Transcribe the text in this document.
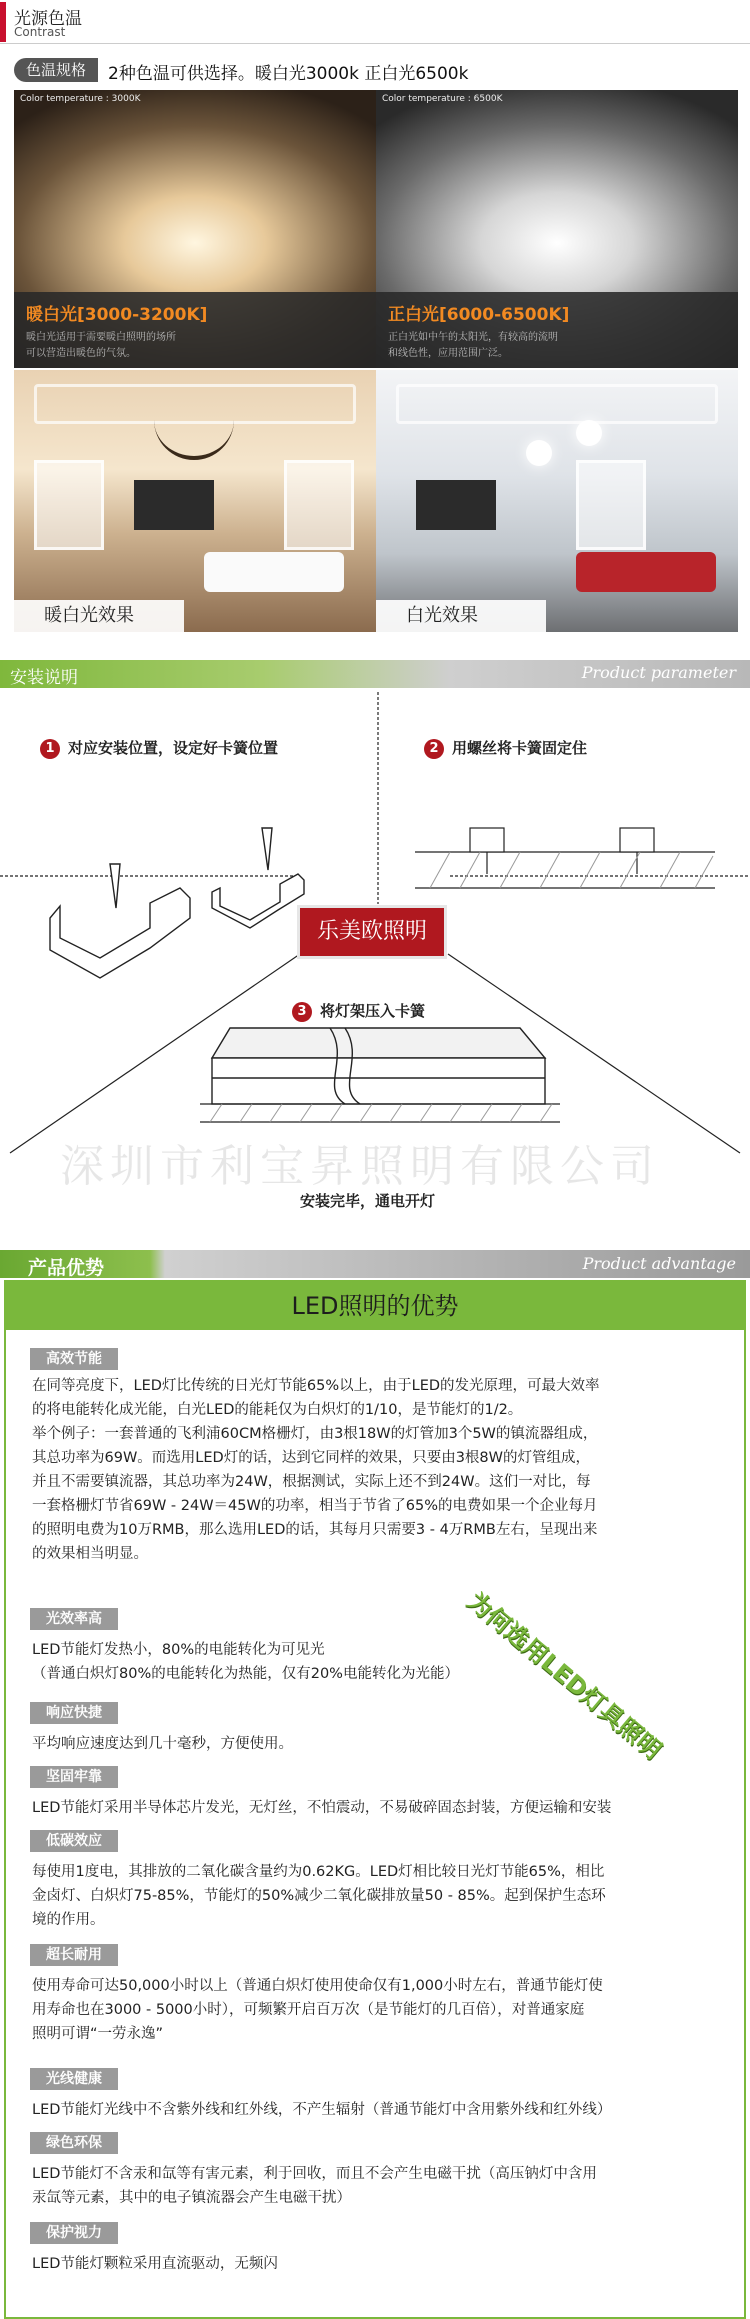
光源色温
Contrast
色温规格	2种色温可供选择。暖白光3000k 正白光6500k
Color temperature : 3000K
暖白光[3000-3200K]
暖白光适用于需要暖白照明的场所
可以营造出暖色的气氛。
Color temperature : 6500K
正白光[6000-6500K]
正白光如中午的太阳光，有较高的流明
和线色性，应用范围广泛。
暖白光效果	白光效果
安装说明	Product parameter
1 对应安装位置，设定好卡簧位置	2 用螺丝将卡簧固定住
乐美欧照明
3 将灯架压入卡簧
深圳市利宝昇照明有限公司
安装完毕，通电开灯
产品优势	Product advantage
LED照明的优势
高效节能
在同等亮度下，LED灯比传统的日光灯节能65%以上，由于LED的发光原理，可最大效率
的将电能转化成光能，白光LED的能耗仅为白炽灯的1/10，是节能灯的1/2。
举个例子：一套普通的飞利浦60CM格栅灯，由3根18W的灯管加3个5W的镇流器组成，
其总功率为69W。而选用LED灯的话，达到它同样的效果，只要由3根8W的灯管组成，
并且不需要镇流器，其总功率为24W，根据测试，实际上还不到24W。这们一对比，每
一套格栅灯节省69W - 24W＝45W的功率，相当于节省了65%的电费如果一个企业每月
的照明电费为10万RMB，那么选用LED的话，其每月只需要3 - 4万RMB左右，呈现出来
的效果相当明显。
光效率高
LED节能灯发热小，80%的电能转化为可见光
（普通白炽灯80%的电能转化为热能，仅有20%电能转化为光能）
响应快捷
平均响应速度达到几十毫秒，方便使用。
坚固牢靠
LED节能灯采用半导体芯片发光，无灯丝，不怕震动，不易破碎固态封装，方便运输和安装
低碳效应
每使用1度电，其排放的二氧化碳含量约为0.62KG。LED灯相比较日光灯节能65%，相比
金卤灯、白炽灯75-85%，节能灯的50%减少二氧化碳排放量50 - 85%。起到保护生态环
境的作用。
超长耐用
使用寿命可达50,000小时以上（普通白炽灯使用使命仅有1,000小时左右，普通节能灯使
用寿命也在3000 - 5000小时），可频繁开启百万次（是节能灯的几百倍），对普通家庭
照明可谓“一劳永逸”
光线健康
LED节能灯光线中不含紫外线和红外线，不产生辐射（普通节能灯中含用紫外线和红外线）
绿色环保
LED节能灯不含汞和氙等有害元素，利于回收，而且不会产生电磁干扰（高压钠灯中含用
汞氙等元素，其中的电子镇流器会产生电磁干扰）
保护视力
LED节能灯颗粒采用直流驱动，无频闪
为何选用LED灯具照明
